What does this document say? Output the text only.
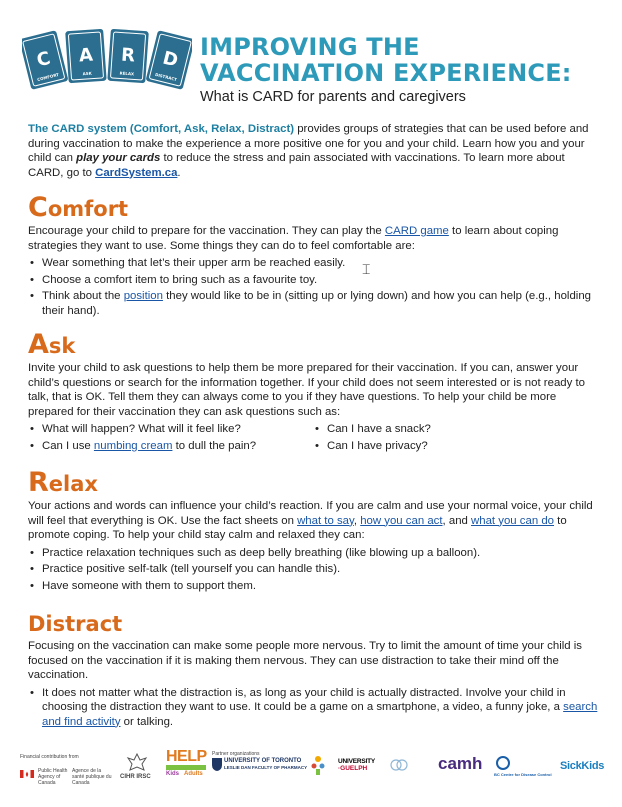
C
COMFORT
A
ASK
R
RELAX
D
DISTRACT
IMPROVING THE
VACCINATION EXPERIENCE:
What is CARD for parents and caregivers
The CARD system (Comfort, Ask, Relax, Distract) provides groups of strategies that can be used before and during vaccination to make the experience a more positive one for you and your child. Learn how you and your child can play your cards to reduce the stress and pain associated with vaccinations. To learn more about CARD, go to CardSystem.ca.
Comfort

Encourage your child to prepare for the vaccination. They can play the CARD game to learn about coping strategies they want to use. Some things they can do to feel comfortable are:

• Wear something that let’s their upper arm be reached easily.
• Choose a comfort item to bring such as a favourite toy.
• Think about the position they would like to be in (sitting up or lying down) and how you can help (e.g., holding their hand).
Ask

Invite your child to ask questions to help them be more prepared for their vaccination. If you can, answer your child’s questions or search for the information together. If your child does not seem interested or is not ready to talk, that is OK. Tell them they can always come to you if they have questions. To help your child be more prepared for their vaccination they can ask questions such as:

• What will happen? What will it feel like?
• Can I use numbing cream to dull the pain?
• Can I have a snack?
• Can I have privacy?
Relax

Your actions and words can influence your child’s reaction. If you are calm and use your normal voice, your child will feel that everything is OK. Use the fact sheets on what to say, how you can act, and what you can do to promote coping. To help your child stay calm and relaxed they can:

• Practice relaxation techniques such as deep belly breathing (like blowing up a balloon).
• Practice positive self-talk (tell yourself you can handle this).
• Have someone with them to support them.
Distract

Focusing on the vaccination can make some people more nervous. Try to limit the amount of time your child is focused on the vaccination if it is making them nervous. They can use distraction to take their mind off the vaccination.

• It does not matter what the distraction is, as long as your child is actually distracted. Involve your child in choosing the distraction they want to use. It could be a game on a smartphone, a video, a funny joke, a search and find activity or talking.
⌶
Financial contribution from
Public Health Agency of Canada
Agence de la santé publique du Canada
CIHR IRSC
HELP
Kids Adults
Partner organizations
UNIVERSITY OF TORONTO
LESLIE DAN FACULTY OF PHARMACY
UNIVERSITY
·GUELPH	camh
BC Centre for Disease Control
SickKids
